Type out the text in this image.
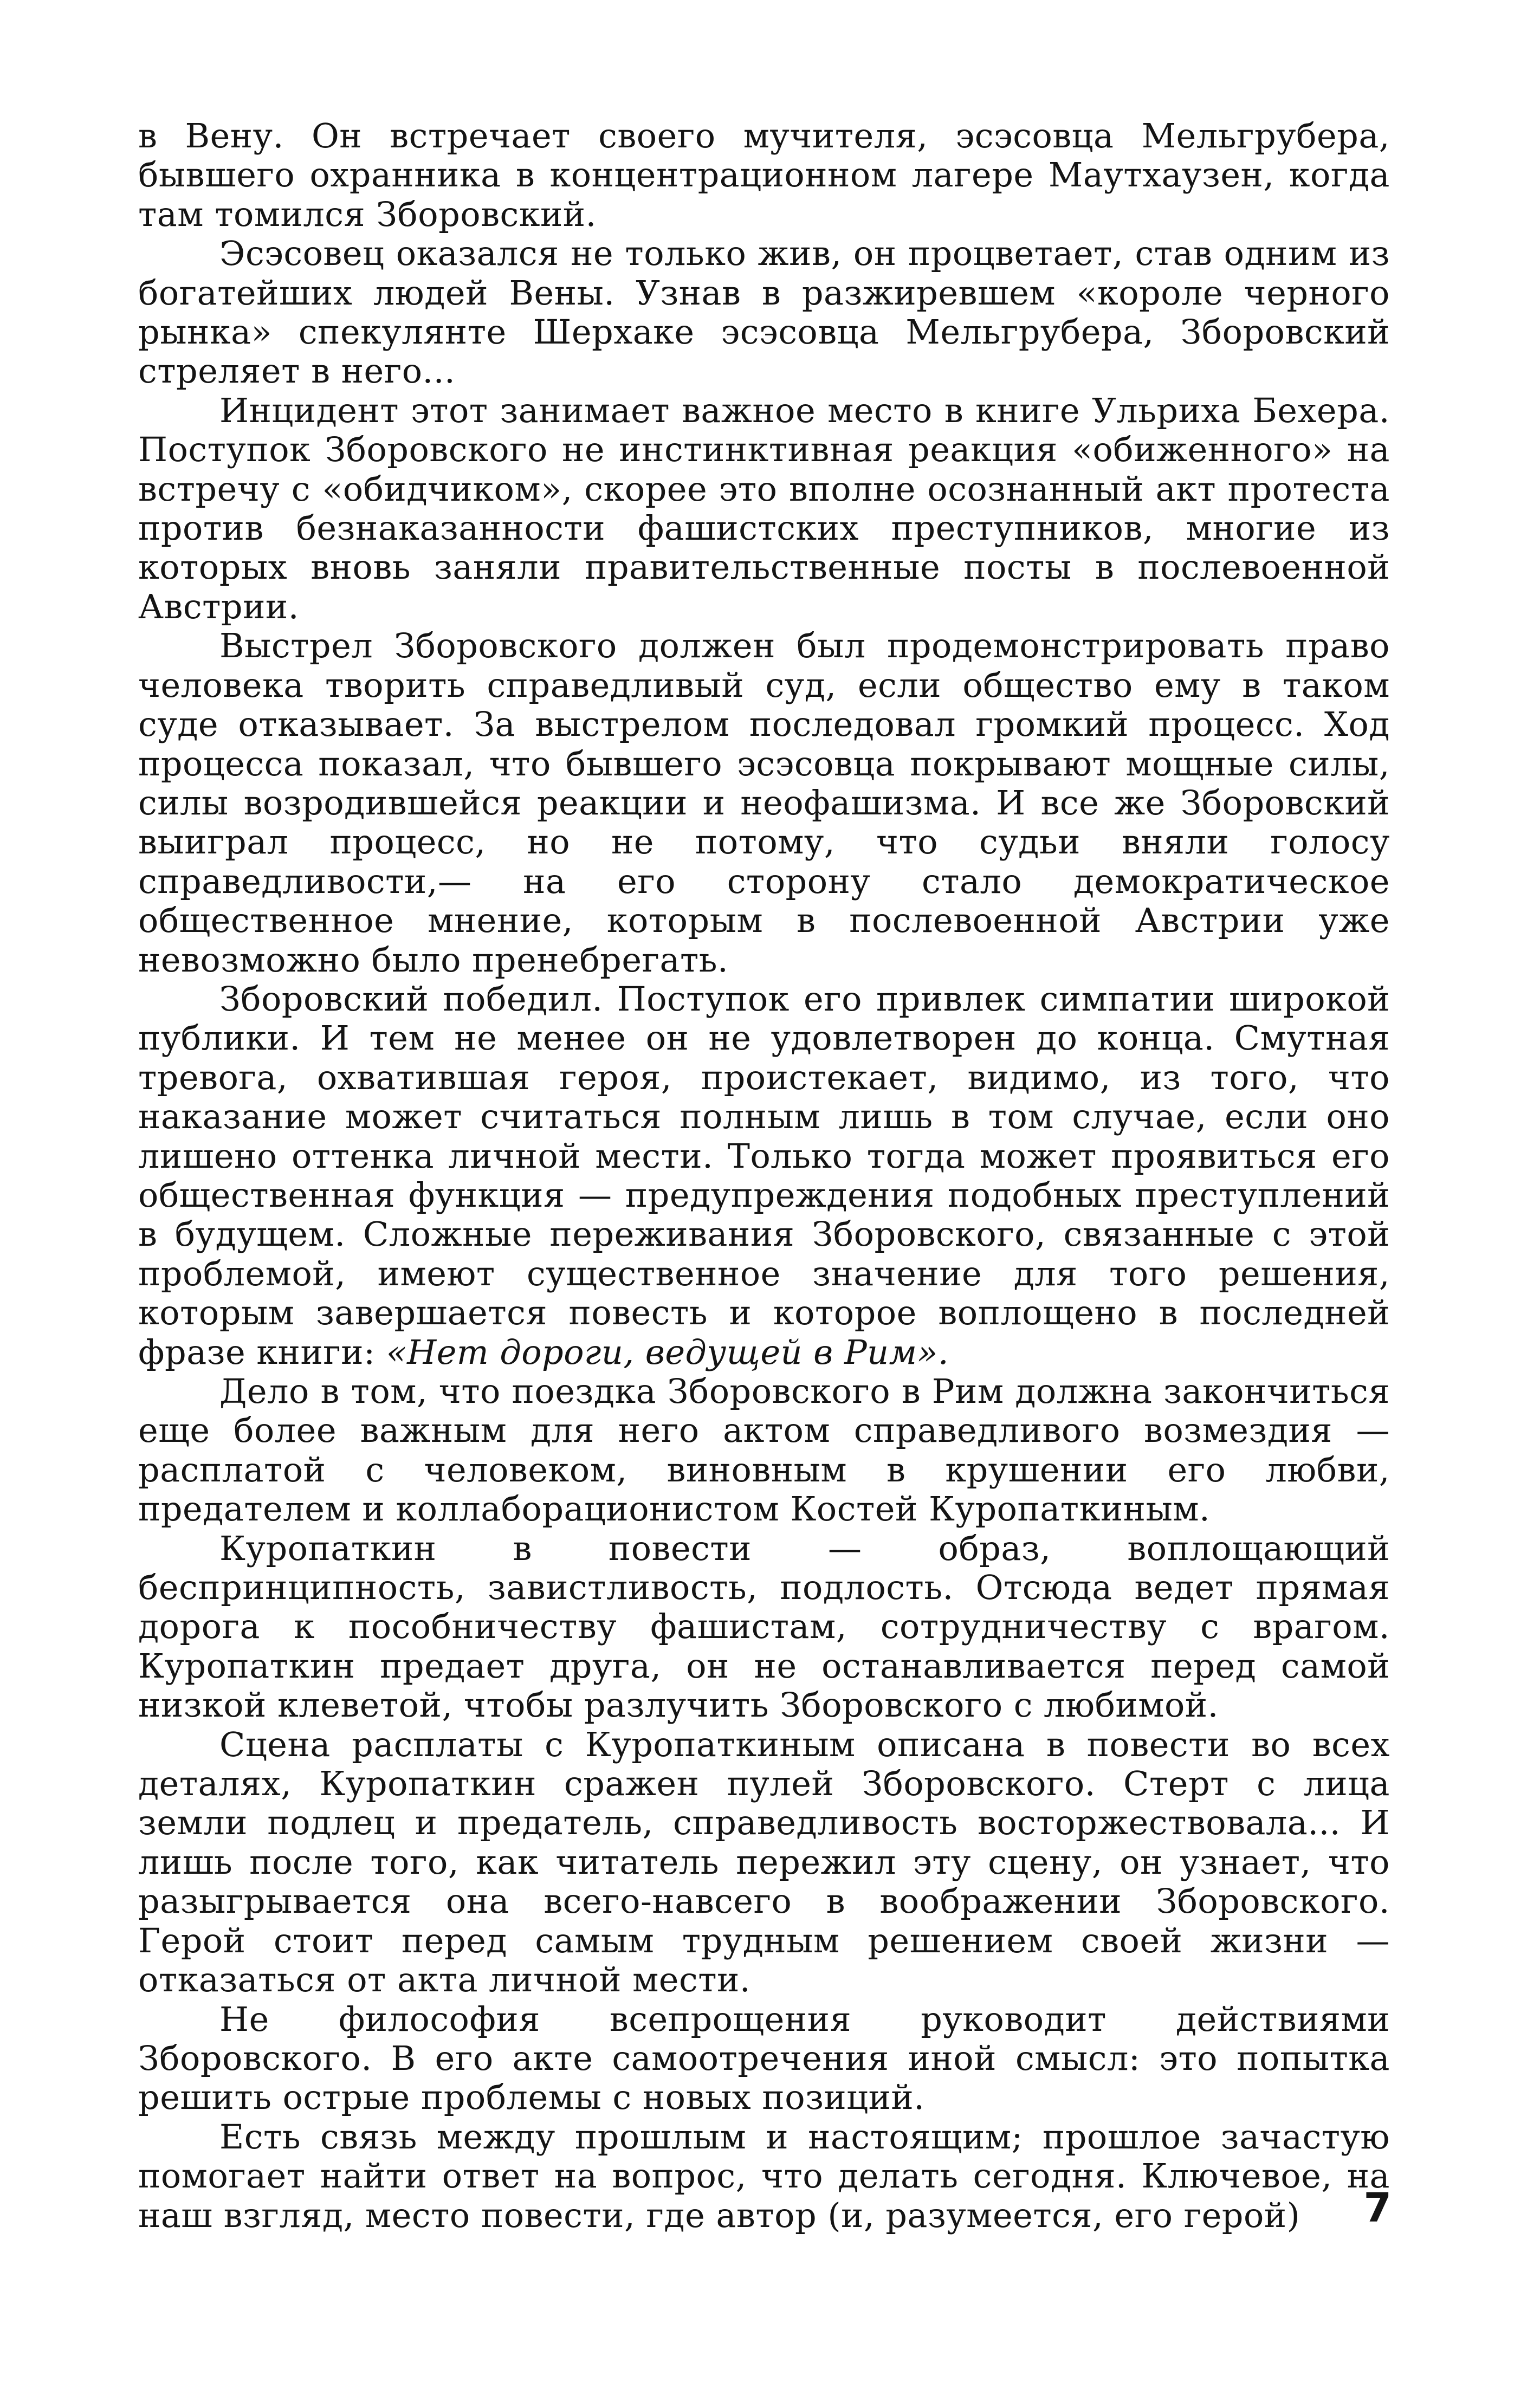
в Вену. Он встречает своего мучителя, эсэсовца Мельгрубера, бывшего охранника в концентрационном лагере Маутхаузен, когда там томился Зборовский.

Эсэсовец оказался не только жив, он процветает, став одним из богатейших людей Вены. Узнав в разжиревшем «короле черного рынка» спекулянте Шерхаке эсэсовца Мельгрубера, Зборовский стреляет в него...

Инцидент этот занимает важное место в книге Ульриха Бехера. Поступок Зборовского не инстинктивная реакция «обиженного» на встречу с «обидчиком», скорее это вполне осознанный акт протеста против безнаказанности фашистских преступников, многие из которых вновь заняли правительственные посты в послевоенной Австрии.

Выстрел Зборовского должен был продемонстрировать право человека творить справедливый суд, если общество ему в таком суде отказывает. За выстрелом последовал громкий процесс. Ход процесса показал, что бывшего эсэсовца покрывают мощные силы, силы возродившейся реакции и неофашизма. И все же Зборовский выиграл процесс, но не потому, что судьи вняли голосу справедливости,— на его сторону стало демократическое общественное мнение, которым в послевоенной Австрии уже невозможно было пренебрегать.

Зборовский победил. Поступок его привлек симпатии широкой публики. И тем не менее он не удовлетворен до конца. Смутная тревога, охватившая героя, проистекает, видимо, из того, что наказание может считаться полным лишь в том случае, если оно лишено оттенка личной мести. Только тогда может проявиться его общественная функция — предупреждения подобных преступлений в будущем. Сложные переживания Зборовского, связанные с этой проблемой, имеют существенное значение для того решения, которым завершается повесть и которое воплощено в последней фразе книги: «Нет дороги, ведущей в Рим».

Дело в том, что поездка Зборовского в Рим должна закончиться еще более важным для него актом справедливого возмездия — расплатой с человеком, виновным в крушении его любви, предателем и коллаборационистом Костей Куропаткиным.

Куропаткин в повести — образ, воплощающий беспринципность, завистливость, подлость. Отсюда ведет прямая дорога к пособничеству фашистам, сотрудничеству с врагом. Куропаткин предает друга, он не останавливается перед самой низкой клеветой, чтобы разлучить Зборовского с любимой.

Сцена расплаты с Куропаткиным описана в повести во всех деталях, Куропаткин сражен пулей Зборовского. Стерт с лица земли подлец и предатель, справедливость восторжествовала... И лишь после того, как читатель пережил эту сцену, он узнает, что разыгрывается она всего-навсего в воображении Зборовского. Герой стоит перед самым трудным решением своей жизни — отказаться от акта личной мести.

Не философия всепрощения руководит действиями Зборовского. В его акте самоотречения иной смысл: это попытка решить острые проблемы с новых позиций.

Есть связь между прошлым и настоящим; прошлое зачастую помогает найти ответ на вопрос, что делать сегодня. Ключевое, на наш взгляд, место повести, где автор (и, разумеется, его герой)	7
